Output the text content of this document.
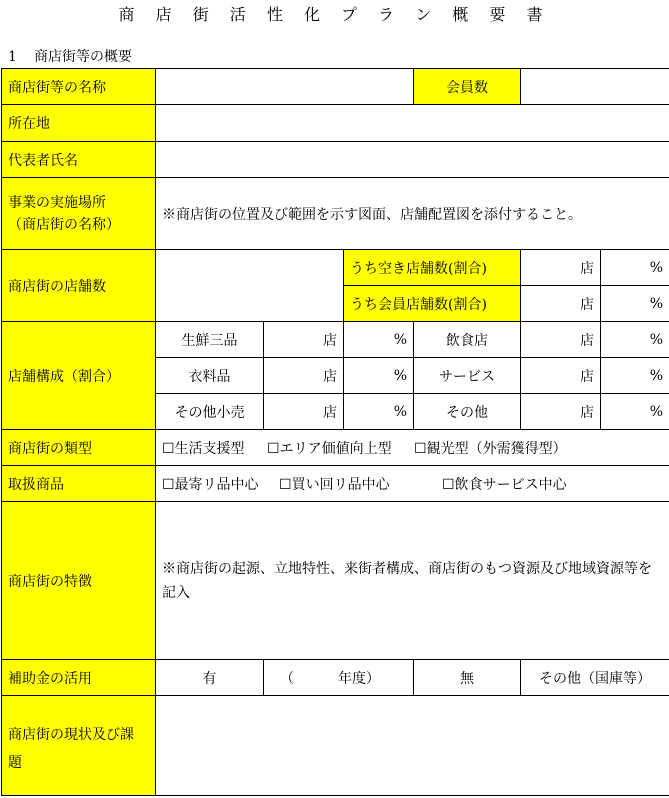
商 店 街 活 性 化 プ ラ ン 概 要 書
1 商店街等の概要
商店街等の名称				会員数		
所在地						
代表者氏名						

事業の実施場所
（商店街の名称）	※商店街の位置及び範囲を示す図面、店舗配置図を添付すること。					
商店街の店舗数			うち空き店舗数(割合)		店	%
			うち会員店舗数(割合)		店	%
店舗構成（割合）	生鮮三品	店	%	飲食店	店	%
	衣料品	店	%	サービス	店	%
	その他小売	店	%	その他	店	%
商店街の類型	☐生活支援型 ☐エリア価値向上型 ☐観光型（外需獲得型）					
取扱商品	☐最寄リ品中心 ☐買い回リ品中心 ☐飲食サービス中心					
商店街の特徴	※商店街の起源、立地特性、来街者構成、商店街のもつ資源及び地域資源等を記入					
補助金の活用	有	（ 年度）		無	その他（国庫等）	

商店街の現状及び課
題						
